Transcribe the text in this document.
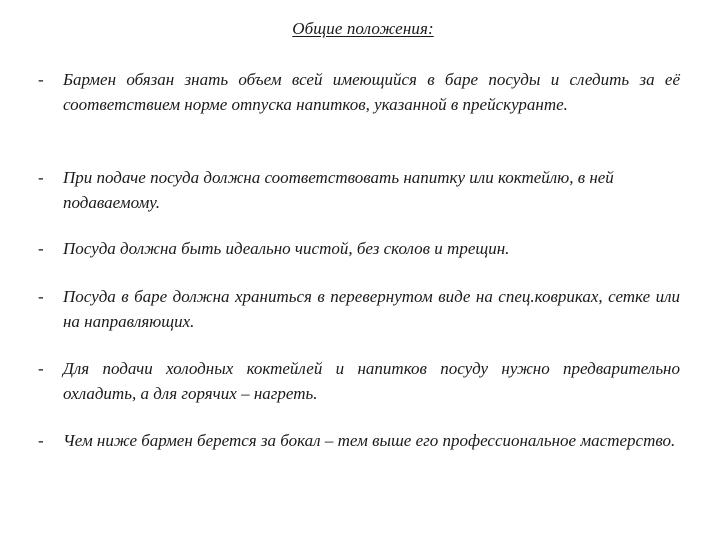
Общие положения:
- Бармен обязан знать объем всей имеющийся в баре посуды и следить за её соответствием норме отпуска напитков, указанной в прейскуранте.
- При подаче посуда должна соответствовать напитку или коктейлю, в ней подаваемому.
- Посуда должна быть идеально чистой, без сколов и трещин.
- Посуда в баре должна храниться в перевернутом виде на спец.ковриках, сетке или на направляющих.
- Для подачи холодных коктейлей и напитков посуду нужно предварительно охладить, а для горячих – нагреть.
- Чем ниже бармен берется за бокал – тем выше его профессиональное мастерство.
